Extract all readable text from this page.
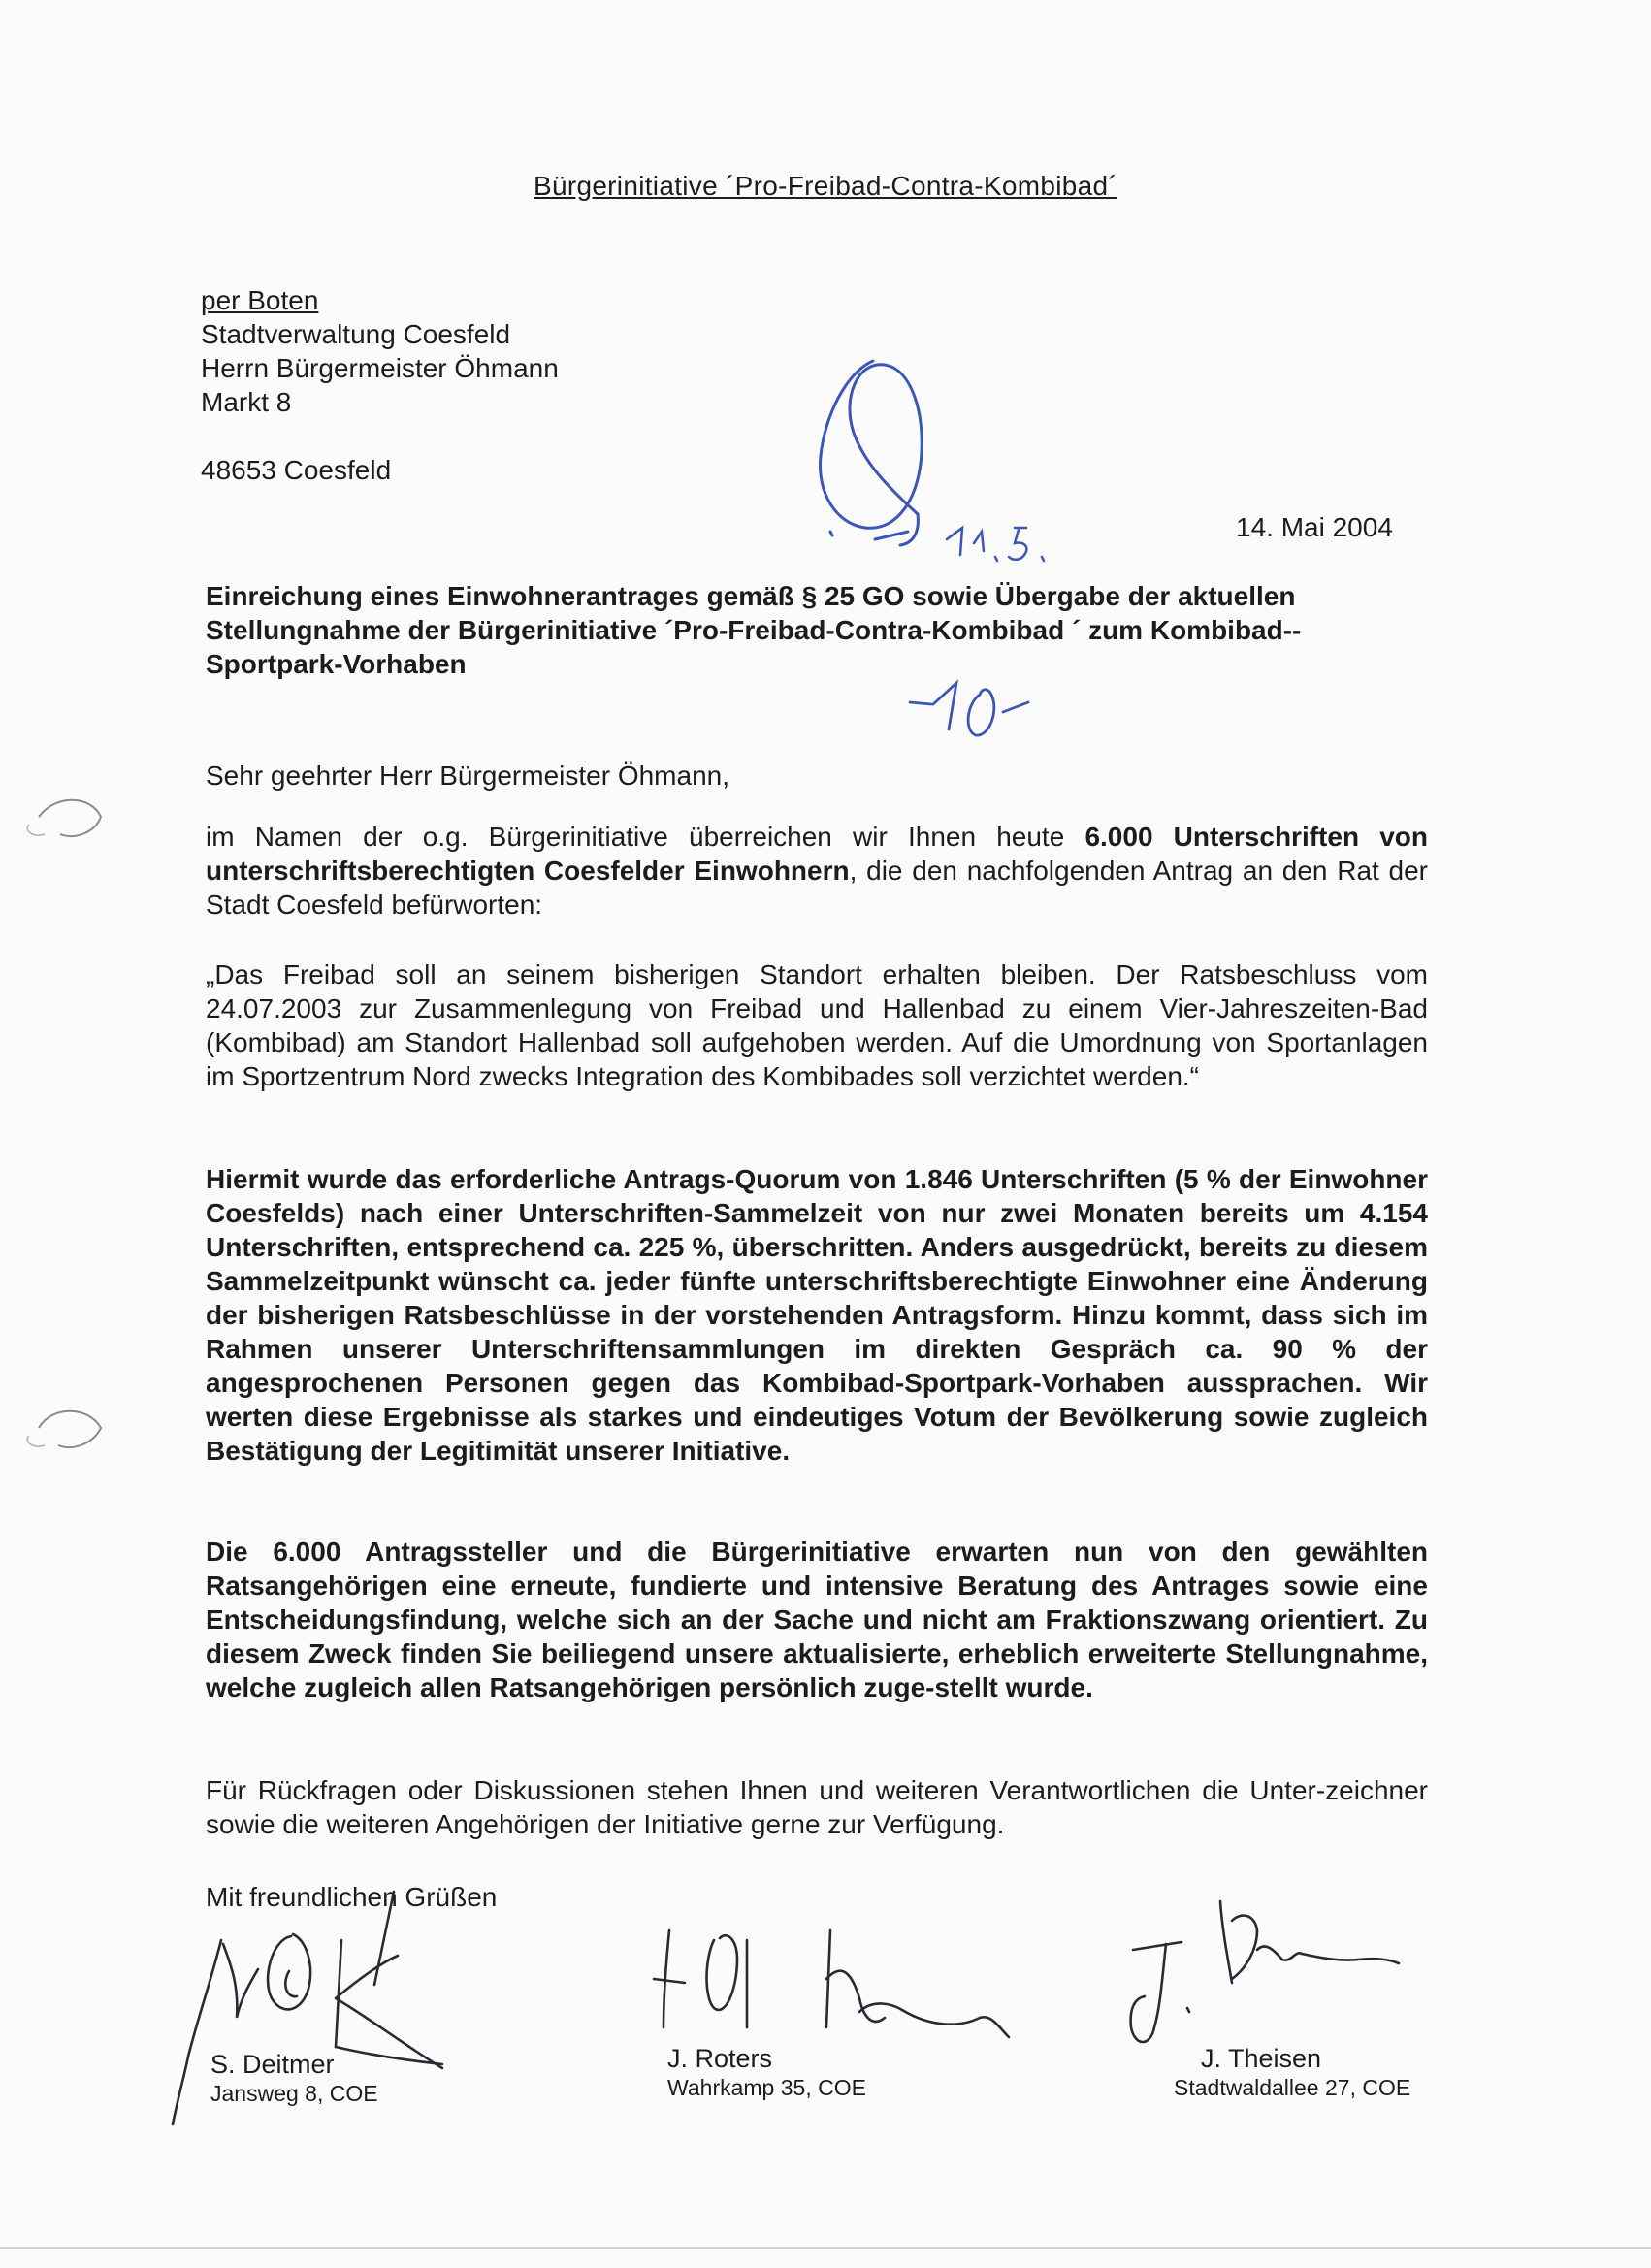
Bürgerinitiative ´Pro-Freibad-Contra-Kombibad´
per Boten
Stadtverwaltung Coesfeld
Herrn Bürgermeister Öhmann
Markt 8
48653 Coesfeld
14. Mai 2004
Einreichung eines Einwohnerantrages gemäß § 25 GO sowie Übergabe der aktuellen Stellungnahme der Bürgerinitiative ´Pro-Freibad-Contra-Kombibad ´ zum Kombibad--Sportpark-Vorhaben
Sehr geehrter Herr Bürgermeister Öhmann,
im Namen der o.g. Bürgerinitiative überreichen wir Ihnen heute 6.000 Unterschriften von unterschriftsberechtigten Coesfelder Einwohnern, die den nachfolgenden Antrag an den Rat der Stadt Coesfeld befürworten:
„Das Freibad soll an seinem bisherigen Standort erhalten bleiben. Der Ratsbeschluss vom 24.07.2003 zur Zusammenlegung von Freibad und Hallenbad zu einem Vier-Jahreszeiten-Bad (Kombibad) am Standort Hallenbad soll aufgehoben werden. Auf die Umordnung von Sportanlagen im Sportzentrum Nord zwecks Integration des Kombibades soll verzichtet werden.“
Hiermit wurde das erforderliche Antrags-Quorum von 1.846 Unterschriften (5 % der Einwohner Coesfelds) nach einer Unterschriften-Sammelzeit von nur zwei Monaten bereits um 4.154 Unterschriften, entsprechend ca. 225 %, überschritten. Anders ausgedrückt, bereits zu diesem Sammelzeitpunkt wünscht ca. jeder fünfte unterschriftsberechtigte Einwohner eine Änderung der bisherigen Ratsbeschlüsse in der vorstehenden Antragsform. Hinzu kommt, dass sich im Rahmen unserer Unterschriftensammlungen im direkten Gespräch ca. 90 % der angesprochenen Personen gegen das Kombibad-Sportpark-Vorhaben aussprachen. Wir werten diese Ergebnisse als starkes und eindeutiges Votum der Bevölkerung sowie zugleich Bestätigung der Legitimität unserer Initiative.
Die 6.000 Antragssteller und die Bürgerinitiative erwarten nun von den gewählten Ratsangehörigen eine erneute, fundierte und intensive Beratung des Antrages sowie eine Entscheidungsfindung, welche sich an der Sache und nicht am Fraktionszwang orientiert. Zu diesem Zweck finden Sie beiliegend unsere aktualisierte, erheblich erweiterte Stellungnahme, welche zugleich allen Ratsangehörigen persönlich zuge-stellt wurde.
Für Rückfragen oder Diskussionen stehen Ihnen und weiteren Verantwortlichen die Unter-zeichner sowie die weiteren Angehörigen der Initiative gerne zur Verfügung.
Mit freundlichen Grüßen
S. Deitmer
Jansweg 8, COE
J. Roters
Wahrkamp 35, COE
J. Theisen
Stadtwaldallee 27, COE
